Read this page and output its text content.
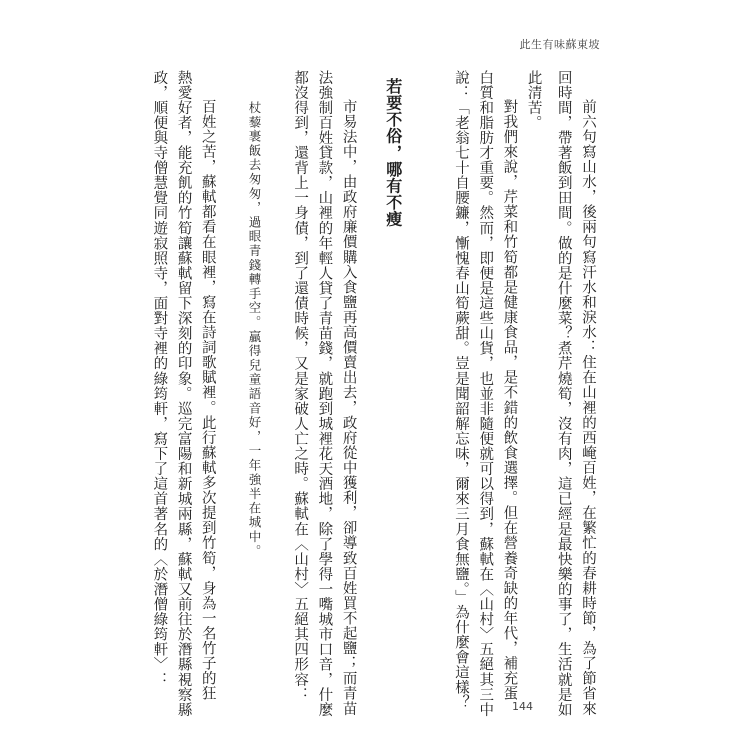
此生有味蘇東坡

前六句寫山水，後兩句寫汗水和淚水：住在山裡的西崦百姓，在繁忙的春耕時節，為了節省來

回時間，帶著飯到田間。做的是什麼菜？煮芹燒筍，沒有肉，這已經是最快樂的事了，生活就是如

此清苦。

對我們來說，芹菜和竹筍都是健康食品，是不錯的飲食選擇。但在營養奇缺的年代，補充蛋

白質和脂肪才重要。然而，即便是這些山貨，也並非隨便就可以得到，蘇軾在〈山村〉五絕其三中

說：「老翁七十自腰鐮，慚愧春山筍蕨甜。豈是聞韶解忘味，爾來三月食無鹽。」為什麼會這樣？

若要不俗，哪有不瘦

市易法中，由政府廉價購入食鹽再高價賣出去，政府從中獲利，卻導致百姓買不起鹽；而青苗

法強制百姓貸款，山裡的年輕人貸了青苗錢，就跑到城裡花天酒地，除了學得一嘴城市口音，什麼

都沒得到，還背上一身債，到了還債時候，又是家破人亡之時。蘇軾在〈山村〉五絕其四形容：

杖藜裹飯去匆匆，過眼青錢轉手空。贏得兒童語音好，一年強半在城中。

百姓之苦，蘇軾都看在眼裡，寫在詩詞歌賦裡。此行蘇軾多次提到竹筍，身為一名竹子的狂

熱愛好者，能充飢的竹筍讓蘇軾留下深刻的印象。巡完富陽和新城兩縣，蘇軾又前往於潛縣視察縣

政，順便與寺僧慧覺同遊寂照寺，面對寺裡的綠筠軒，寫下了這首著名的〈於潛僧綠筠軒〉：

144
